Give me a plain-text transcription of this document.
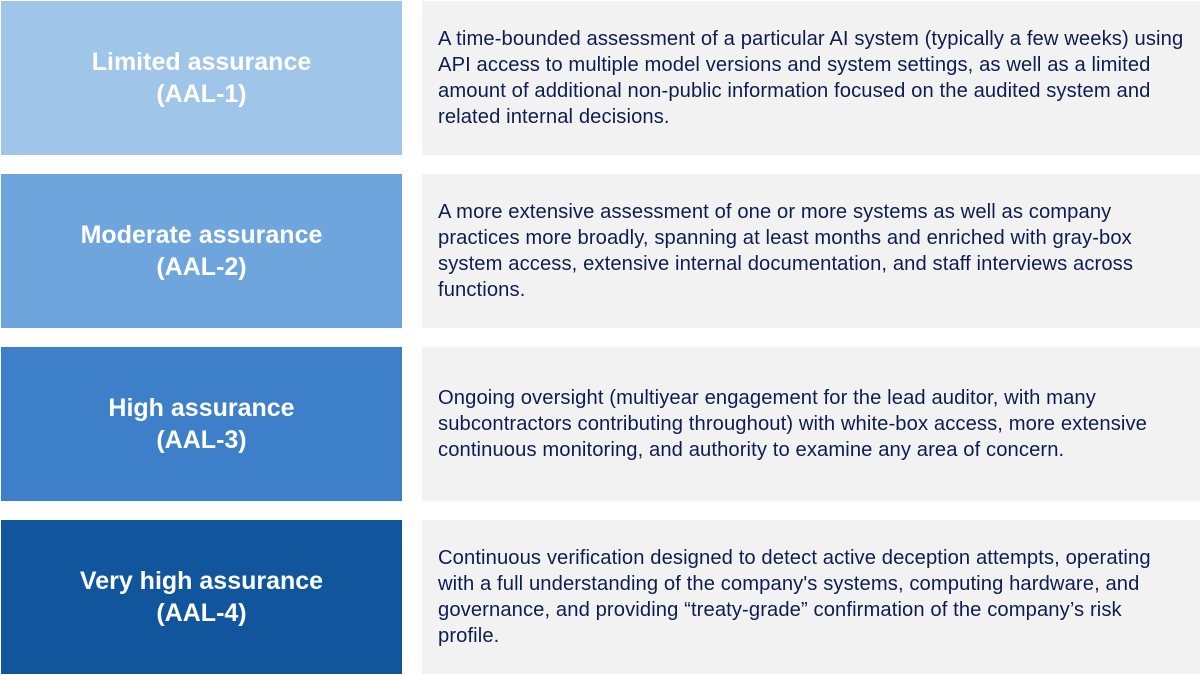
Limited assurance
(AAL-1)
A time-bounded assessment of a particular AI system (typically a few weeks) using API access to multiple model versions and system settings, as well as a limited amount of additional non-public information focused on the audited system and related internal decisions.
Moderate assurance
(AAL-2)
A more extensive assessment of one or more systems as well as company practices more broadly, spanning at least months and enriched with gray-box system access, extensive internal documentation, and staff interviews across functions.
High assurance
(AAL-3)
Ongoing oversight (multiyear engagement for the lead auditor, with many subcontractors contributing throughout) with white-box access, more extensive continuous monitoring, and authority to examine any area of concern.
Very high assurance
(AAL-4)
Continuous verification designed to detect active deception attempts, operating with a full understanding of the company's systems, computing hardware, and governance, and providing “treaty-grade” confirmation of the company’s risk profile.
